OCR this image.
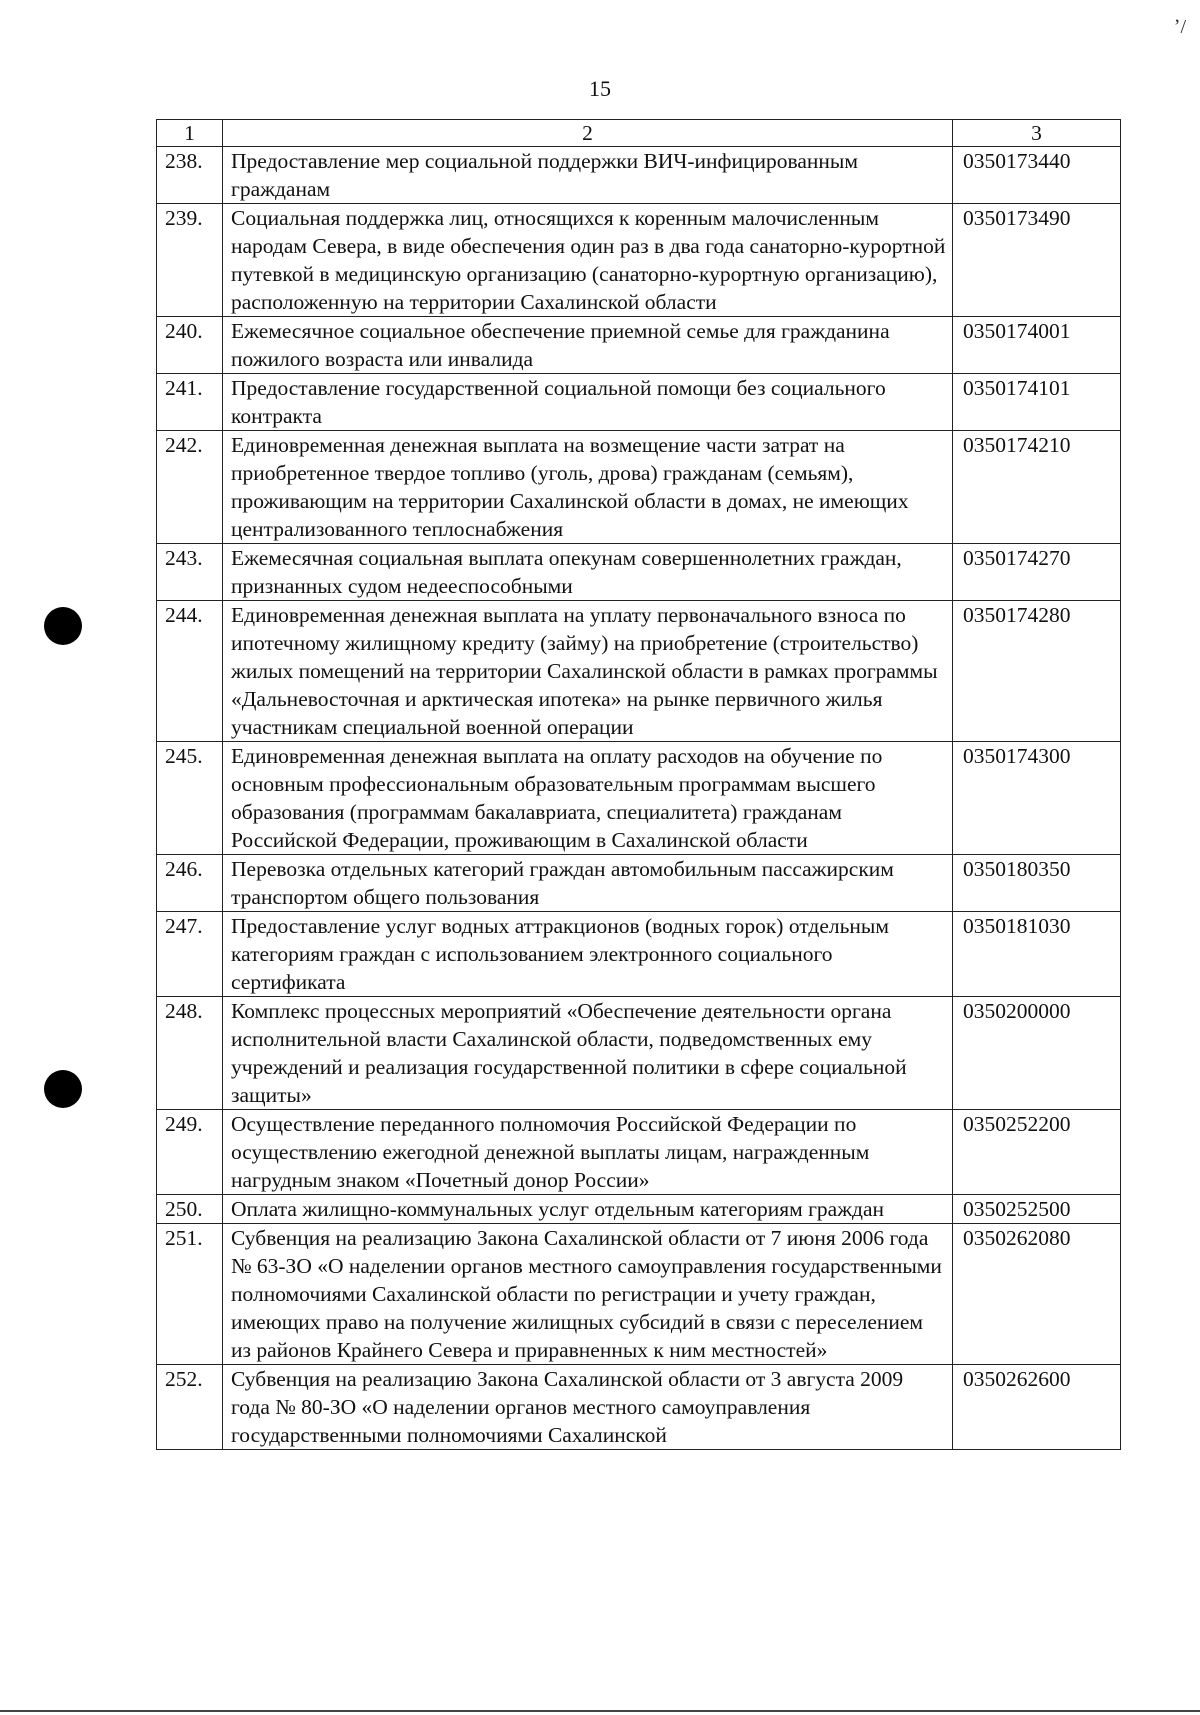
ʼ/
15
1	2	3
238.	Предоставление мер социальной поддержки ВИЧ-инфицированным гражданам	0350173440
239.	Социальная поддержка лиц, относящихся к коренным малочисленным народам Севера, в виде обеспечения один раз в два года санаторно-курортной путевкой в медицинскую организацию (санаторно-курортную организацию), расположенную на территории Сахалинской области	0350173490
240.	Ежемесячное социальное обеспечение приемной семье для гражданина пожилого возраста или инвалида	0350174001
241.	Предоставление государственной социальной помощи без социального контракта	0350174101
242.	Единовременная денежная выплата на возмещение части затрат на приобретенное твердое топливо (уголь, дрова) гражданам (семьям), проживающим на территории Сахалинской области в домах, не имеющих централизованного теплоснабжения	0350174210
243.	Ежемесячная социальная выплата опекунам совершеннолетних граждан, признанных судом недееспособными	0350174270
244.	Единовременная денежная выплата на уплату первоначального взноса по ипотечному жилищному кредиту (займу) на приобретение (строительство) жилых помещений на территории Сахалинской области в рамках программы «Дальневосточная и арктическая ипотека» на рынке первичного жилья участникам специальной военной операции	0350174280
245.	Единовременная денежная выплата на оплату расходов на обучение по основным профессиональным образовательным программам высшего образования (программам бакалавриата, специалитета) гражданам Российской Федерации, проживающим в Сахалинской области	0350174300
246.	Перевозка отдельных категорий граждан автомобильным пассажирским транспортом общего пользования	0350180350
247.	Предоставление услуг водных аттракционов (водных горок) отдельным категориям граждан с использованием электронного социального сертификата	0350181030
248.	Комплекс процессных мероприятий «Обеспечение деятельности органа исполнительной власти Сахалинской области, подведомственных ему учреждений и реализация государственной политики в сфере социальной защиты»	0350200000
249.	Осуществление переданного полномочия Российской Федерации по осуществлению ежегодной денежной выплаты лицам, награжденным нагрудным знаком «Почетный донор России»	0350252200
250.	Оплата жилищно-коммунальных услуг отдельным категориям граждан	0350252500
251.	Субвенция на реализацию Закона Сахалинской области от 7 июня 2006 года № 63-ЗО «О наделении органов местного самоуправления государственными полномочиями Сахалинской области по регистрации и учету граждан, имеющих право на получение жилищных субсидий в связи с переселением из районов Крайнего Севера и приравненных к ним местностей»	0350262080
252.	Субвенция на реализацию Закона Сахалинской области от 3 августа 2009 года № 80-ЗО «О наделении органов местного самоуправления государственными полномочиями Сахалинской	0350262600
